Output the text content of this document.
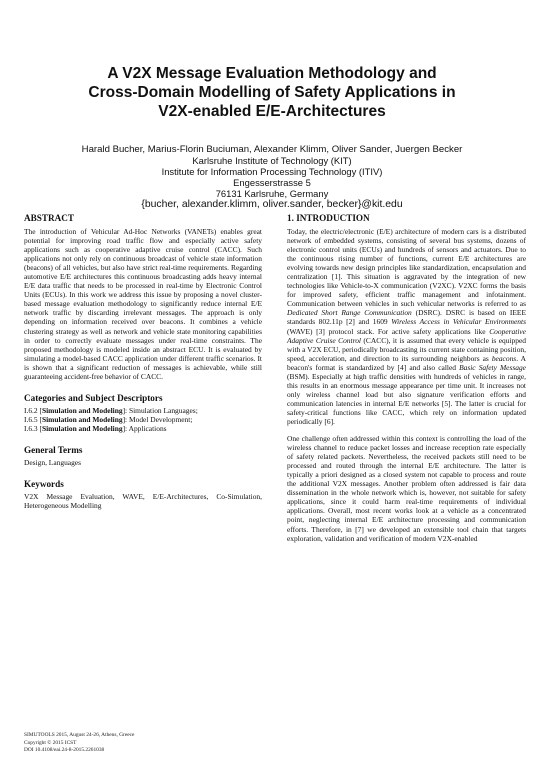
A V2X Message Evaluation Methodology and
Cross-Domain Modelling of Safety Applications in
V2X-enabled E/E-Architectures
Harald Bucher, Marius-Florin Buciuman, Alexander Klimm, Oliver Sander, Juergen Becker
Karlsruhe Institute of Technology (KIT)
Institute for Information Processing Technology (ITIV)
Engesserstrasse 5
76131 Karlsruhe, Germany
{bucher, alexander.klimm, oliver.sander, becker}@kit.edu
ABSTRACT

The introduction of Vehicular Ad-Hoc Networks (VANETs) enables great potential for improving road traffic flow and especially active safety applications such as cooperative adaptive cruise control (CACC). Such applications not only rely on continuous broadcast of vehicle state information (beacons) of all vehicles, but also have strict real-time requirements. Regarding automotive E/E architectures this continuous broadcasting adds heavy internal E/E data traffic that needs to be processed in real-time by Electronic Control Units (ECUs). In this work we address this issue by proposing a novel cluster-based message evaluation methodology to significantly reduce internal E/E network traffic by discarding irrelevant messages. The approach is only depending on information received over beacons. It combines a vehicle clustering strategy as well as network and vehicle state monitoring capabilities in order to correctly evaluate messages under real-time constraints. The proposed methodology is modeled inside an abstract ECU. It is evaluated by simulating a model-based CACC application under different traffic scenarios. It is shown that a significant reduction of messages is achievable, while still guaranteeing accident-free behavior of CACC.

Categories and Subject Descriptors
I.6.2 [Simulation and Modeling]: Simulation Languages;
I.6.5 [Simulation and Modeling]: Model Development;
I.6.3 [Simulation and Modeling]: Applications
General Terms

Design, Languages

Keywords

V2X Message Evaluation, WAVE, E/E-Architectures, Co-Simulation, Heterogeneous Modelling

1. INTRODUCTION

Today, the electric/electronic (E/E) architecture of modern cars is a distributed network of embedded systems, consisting of several bus systems, dozens of electronic control units (ECUs) and hundreds of sensors and actuators. Due to the continuous rising number of functions, current E/E architectures are evolving towards new design principles like standardization, encapsulation and centralization [1]. This situation is aggravated by the integration of new technologies like Vehicle-to-X communication (V2XC). V2XC forms the basis for improved safety, efficient traffic management and infotainment. Communication between vehicles in such vehicular networks is referred to as Dedicated Short Range Communication (DSRC). DSRC is based on IEEE standards 802.11p [2] and 1609 Wireless Access in Vehicular Environments (WAVE) [3] protocol stack. For active safety applications like Cooperative Adaptive Cruise Control (CACC), it is assumed that every vehicle is equipped with a V2X ECU, periodically broadcasting its current state containing position, speed, acceleration, and direction to its surrounding neighbors as beacons. A beacon's format is standardized by [4] and also called Basic Safety Message (BSM). Especially at high traffic densities with hundreds of vehicles in range, this results in an enormous message appearance per time unit. It increases not only wireless channel load but also signature verification efforts and communication latencies in internal E/E networks [5]. The latter is crucial for safety-critical functions like CACC, which rely on information updated periodically [6].

One challenge often addressed within this context is controlling the load of the wireless channel to reduce packet losses and increase reception rate especially of safety related packets. Nevertheless, the received packets still need to be processed and routed through the internal E/E architecture. The latter is typically a priori designed as a closed system not capable to process and route the additional V2X messages. Another problem often addressed is fair data dissemination in the whole network which is, however, not suitable for safety applications, since it could harm real-time requirements of individual applications. Overall, most recent works look at a vehicle as a concentrated point, neglecting internal E/E architecture processing and communication efforts. Therefore, in [7] we developed an extensible tool chain that targets exploration, validation and verification of modern V2X-enabled

SIMUTOOLS 2015, August 24-26, Athens, Greece
Copyright © 2015 ICST
DOI 10.4108/eai.24-8-2015.2261038
